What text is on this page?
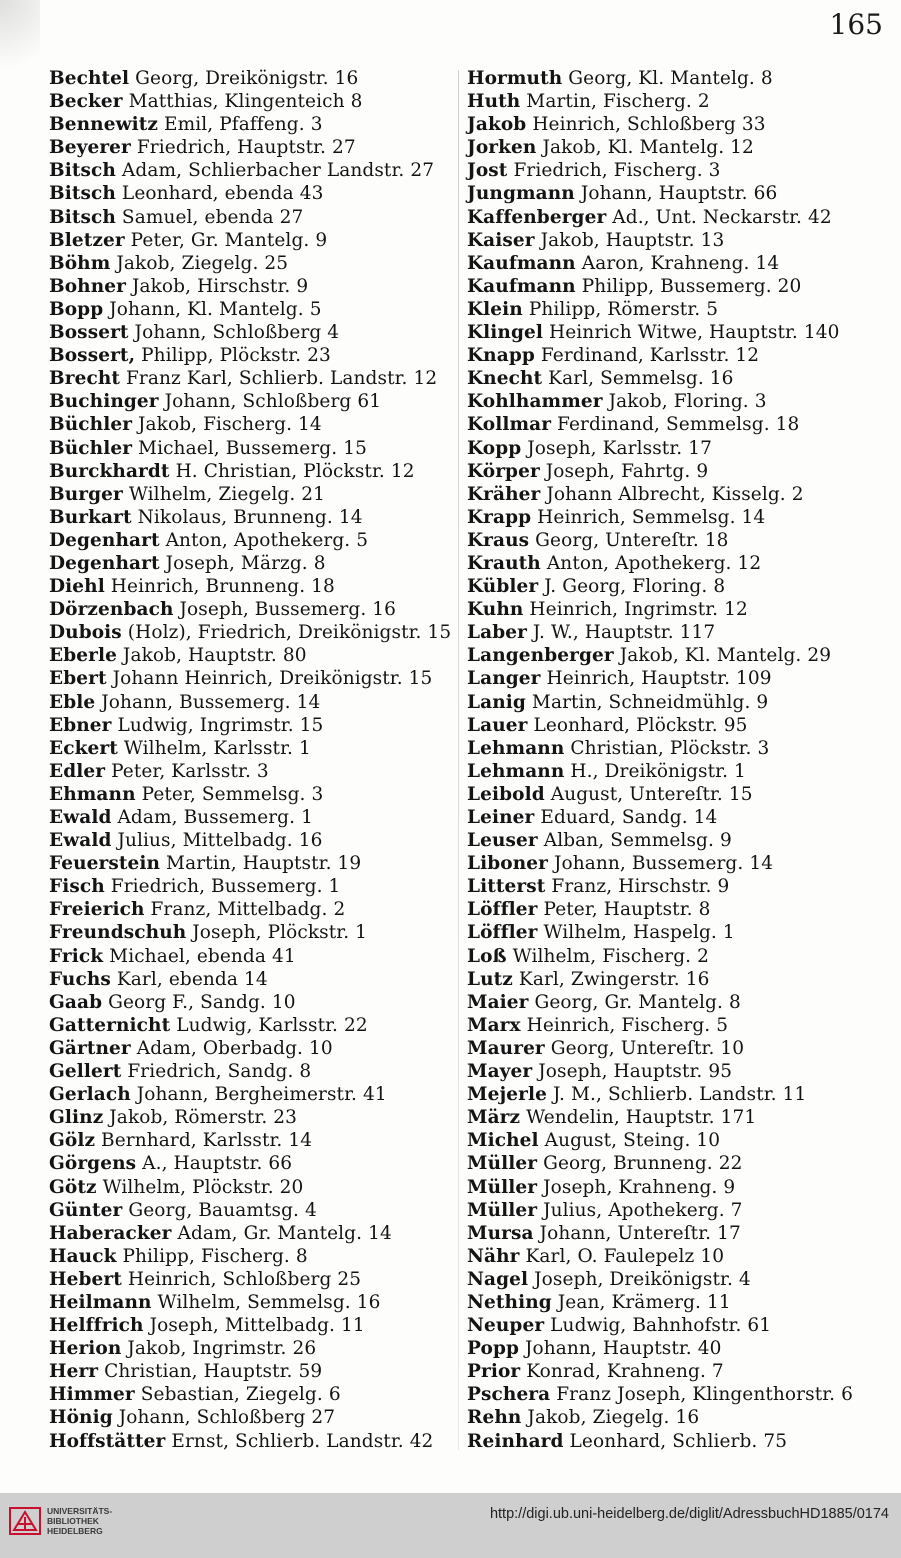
165
Bechtel Georg, Dreikönigstr. 16
Becker Matthias, Klingenteich 8
Bennewitz Emil, Pfaffeng. 3
Beyerer Friedrich, Hauptstr. 27
Bitsch Adam, Schlierbacher Landstr. 27
Bitsch Leonhard, ebenda 43
Bitsch Samuel, ebenda 27
Bletzer Peter, Gr. Mantelg. 9
Böhm Jakob, Ziegelg. 25
Bohner Jakob, Hirschstr. 9
Bopp Johann, Kl. Mantelg. 5
Bossert Johann, Schloßberg 4
Bossert, Philipp, Plöckstr. 23
Brecht Franz Karl, Schlierb. Landstr. 12
Buchinger Johann, Schloßberg 61
Büchler Jakob, Fischerg. 14
Büchler Michael, Bussemerg. 15
Burckhardt H. Christian, Plöckstr. 12
Burger Wilhelm, Ziegelg. 21
Burkart Nikolaus, Brunneng. 14
Degenhart Anton, Apothekerg. 5
Degenhart Joseph, Märzg. 8
Diehl Heinrich, Brunneng. 18
Dörzenbach Joseph, Bussemerg. 16
Dubois (Holz), Friedrich, Dreikönigstr. 15
Eberle Jakob, Hauptstr. 80
Ebert Johann Heinrich, Dreikönigstr. 15
Eble Johann, Bussemerg. 14
Ebner Ludwig, Ingrimstr. 15
Eckert Wilhelm, Karlsstr. 1
Edler Peter, Karlsstr. 3
Ehmann Peter, Semmelsg. 3
Ewald Adam, Bussemerg. 1
Ewald Julius, Mittelbadg. 16
Feuerstein Martin, Hauptstr. 19
Fisch Friedrich, Bussemerg. 1
Freierich Franz, Mittelbadg. 2
Freundschuh Joseph, Plöckstr. 1
Frick Michael, ebenda 41
Fuchs Karl, ebenda 14
Gaab Georg F., Sandg. 10
Gatternicht Ludwig, Karlsstr. 22
Gärtner Adam, Oberbadg. 10
Gellert Friedrich, Sandg. 8
Gerlach Johann, Bergheimerstr. 41
Glinz Jakob, Römerstr. 23
Gölz Bernhard, Karlsstr. 14
Görgens A., Hauptstr. 66
Götz Wilhelm, Plöckstr. 20
Günter Georg, Bauamtsg. 4
Haberacker Adam, Gr. Mantelg. 14
Hauck Philipp, Fischerg. 8
Hebert Heinrich, Schloßberg 25
Heilmann Wilhelm, Semmelsg. 16
Helffrich Joseph, Mittelbadg. 11
Herion Jakob, Ingrimstr. 26
Herr Christian, Hauptstr. 59
Himmer Sebastian, Ziegelg. 6
Hönig Johann, Schloßberg 27
Hoffstätter Ernst, Schlierb. Landstr. 42
Hormuth Georg, Kl. Mantelg. 8
Huth Martin, Fischerg. 2
Jakob Heinrich, Schloßberg 33
Jorken Jakob, Kl. Mantelg. 12
Jost Friedrich, Fischerg. 3
Jungmann Johann, Hauptstr. 66
Kaffenberger Ad., Unt. Neckarstr. 42
Kaiser Jakob, Hauptstr. 13
Kaufmann Aaron, Krahneng. 14
Kaufmann Philipp, Bussemerg. 20
Klein Philipp, Römerstr. 5
Klingel Heinrich Witwe, Hauptstr. 140
Knapp Ferdinand, Karlsstr. 12
Knecht Karl, Semmelsg. 16
Kohlhammer Jakob, Floring. 3
Kollmar Ferdinand, Semmelsg. 18
Kopp Joseph, Karlsstr. 17
Körper Joseph, Fahrtg. 9
Kräher Johann Albrecht, Kisselg. 2
Krapp Heinrich, Semmelsg. 14
Kraus Georg, Untereſtr. 18
Krauth Anton, Apothekerg. 12
Kübler J. Georg, Floring. 8
Kuhn Heinrich, Ingrimstr. 12
Laber J. W., Hauptstr. 117
Langenberger Jakob, Kl. Mantelg. 29
Langer Heinrich, Hauptstr. 109
Lanig Martin, Schneidmühlg. 9
Lauer Leonhard, Plöckstr. 95
Lehmann Christian, Plöckstr. 3
Lehmann H., Dreikönigstr. 1
Leibold August, Untereſtr. 15
Leiner Eduard, Sandg. 14
Leuser Alban, Semmelsg. 9
Liboner Johann, Bussemerg. 14
Litterst Franz, Hirschstr. 9
Löffler Peter, Hauptstr. 8
Löffler Wilhelm, Haspelg. 1
Loß Wilhelm, Fischerg. 2
Lutz Karl, Zwingerstr. 16
Maier Georg, Gr. Mantelg. 8
Marx Heinrich, Fischerg. 5
Maurer Georg, Untereſtr. 10
Mayer Joseph, Hauptstr. 95
Mejerle J. M., Schlierb. Landstr. 11
März Wendelin, Hauptstr. 171
Michel August, Steing. 10
Müller Georg, Brunneng. 22
Müller Joseph, Krahneng. 9
Müller Julius, Apothekerg. 7
Mursa Johann, Untereſtr. 17
Nähr Karl, O. Faulepelz 10
Nagel Joseph, Dreikönigstr. 4
Nething Jean, Krämerg. 11
Neuper Ludwig, Bahnhofstr. 61
Popp Johann, Hauptstr. 40
Prior Konrad, Krahneng. 7
Pschera Franz Joseph, Klingenthorstr. 6
Rehn Jakob, Ziegelg. 16
Reinhard Leonhard, Schlierb. 75
UNIVERSITÄTS-
BIBLIOTHEK
HEIDELBERG
http://digi.ub.uni-heidelberg.de/diglit/AdressbuchHD1885/0174
